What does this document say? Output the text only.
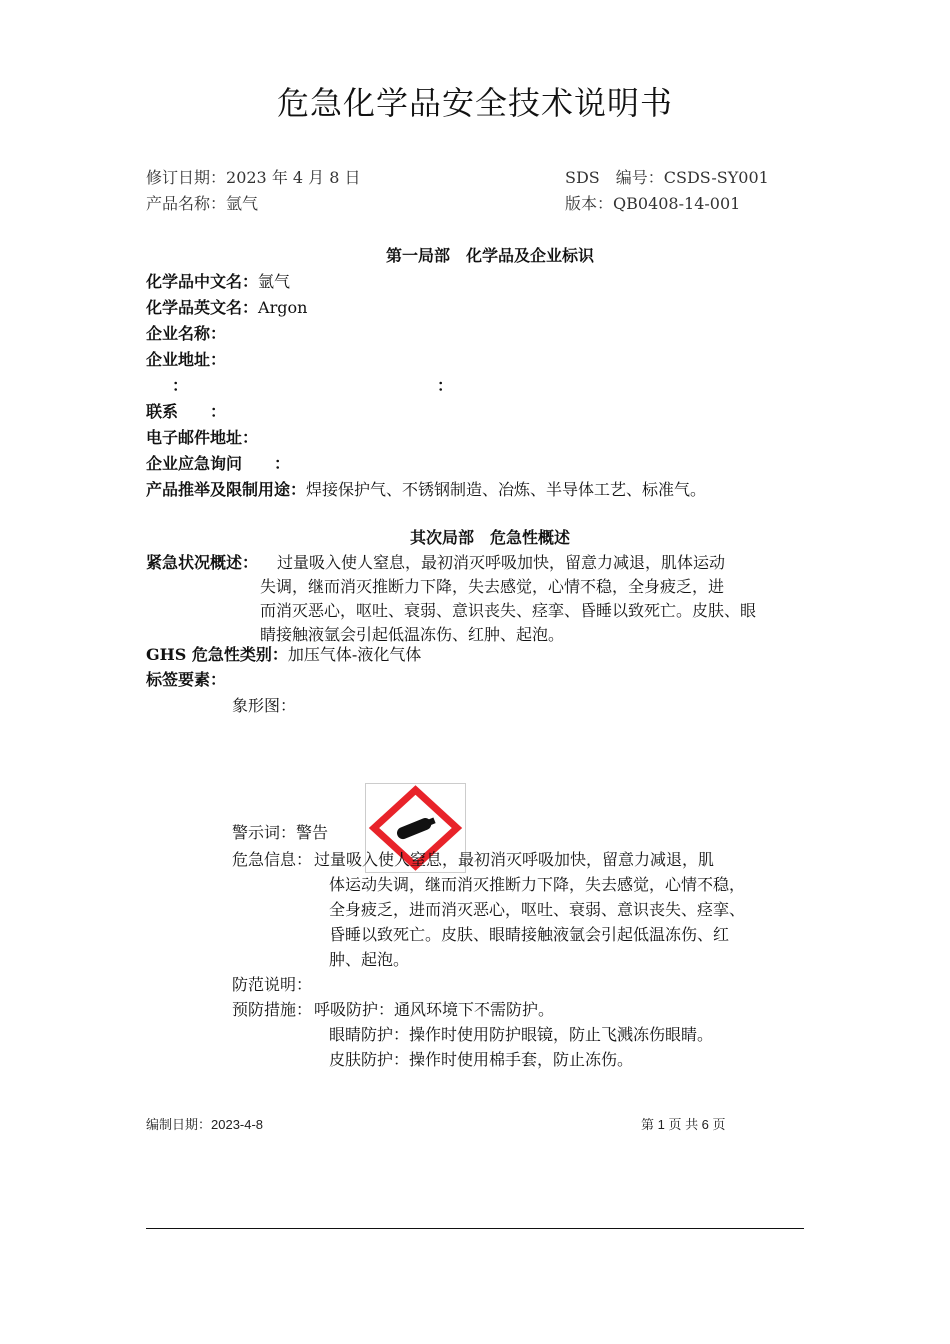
危急化学品安全技术说明书
修订日期：2023 年 4 月 8 日	SDS　编号：CSDS-SY001
产品名称：氩气	版本：QB0408-14-001
第一局部　化学品及企业标识
化学品中文名：氩气
化学品英文名：Argon
企业名称：
企业地址：
：	：
联系　　：
电子邮件地址：
企业应急询问　　：
产品推举及限制用途：焊接保护气、不锈钢制造、冶炼、半导体工艺、标准气。
其次局部　危急性概述
紧急状况概述： 过量吸入使人窒息，最初消灭呼吸加快，留意力减退，肌体运动
失调，继而消灭推断力下降，失去感觉，心情不稳，全身疲乏，进
而消灭恶心，呕吐、衰弱、意识丧失、痉挛、昏睡以致死亡。皮肤、眼
睛接触液氩会引起低温冻伤、红肿、起泡。
GHS 危急性类别：加压气体-液化气体
标签要素：
象形图：
警示词：警告
危急信息： 过量吸入使人窒息，最初消灭呼吸加快，留意力减退，肌
体运动失调，继而消灭推断力下降，失去感觉，心情不稳，
全身疲乏，进而消灭恶心，呕吐、衰弱、意识丧失、痉挛、
昏睡以致死亡。皮肤、眼睛接触液氩会引起低温冻伤、红
肿、起泡。
防范说明：
预防措施： 呼吸防护：通风环境下不需防护。
眼睛防护：操作时使用防护眼镜，防止飞溅冻伤眼睛。
皮肤防护：操作时使用棉手套，防止冻伤。
编制日期：2023-4-8	第 1 页 共 6 页
